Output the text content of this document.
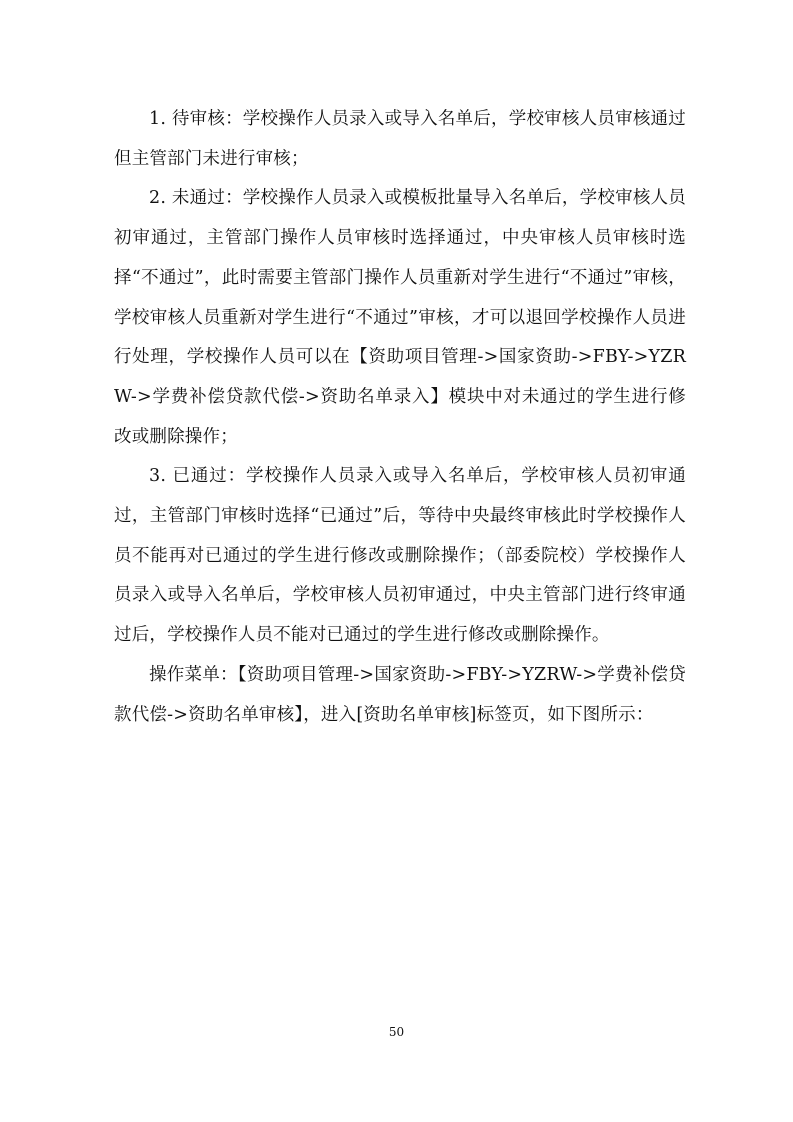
1. 待审核：学校操作人员录入或导入名单后，学校审核人员审核通过但主管部门未进行审核；

2. 未通过：学校操作人员录入或模板批量导入名单后，学校审核人员初审通过，主管部门操作人员审核时选择通过，中央审核人员审核时选择“不通过”，此时需要主管部门操作人员重新对学生进行“不通过”审核，学校审核人员重新对学生进行“不通过”审核，才可以退回学校操作人员进行处理，学校操作人员可以在【资助项目管理->国家资助->FBY->YZRW->学费补偿贷款代偿->资助名单录入】模块中对未通过的学生进行修改或删除操作；

3. 已通过：学校操作人员录入或导入名单后，学校审核人员初审通过，主管部门审核时选择“已通过”后，等待中央最终审核此时学校操作人员不能再对已通过的学生进行修改或删除操作；（部委院校）学校操作人员录入或导入名单后，学校审核人员初审通过，中央主管部门进行终审通过后，学校操作人员不能对已通过的学生进行修改或删除操作。

操作菜单：【资助项目管理->国家资助->FBY->YZRW->学费补偿贷款代偿->资助名单审核】，进入[资助名单审核]标签页，如下图所示：

50
